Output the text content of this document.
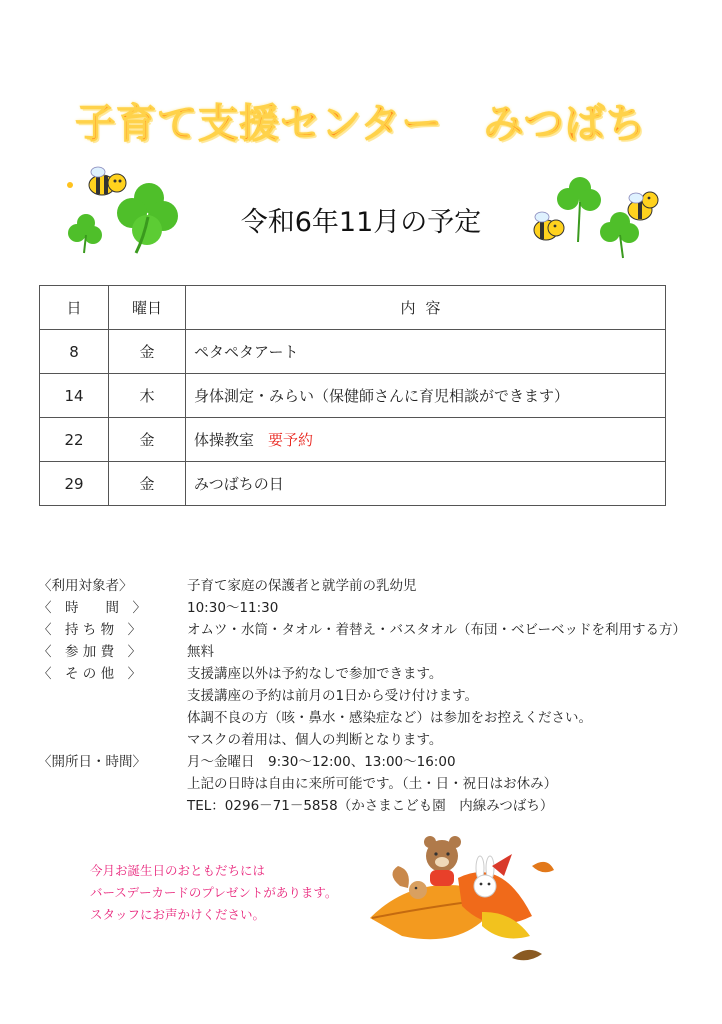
子育て支援センター　みつばち
令和6年11月の予定
日	曜日	内容
8	金	ペタペタアート
14	木	身体測定・みらい（保健師さんに育児相談ができます）
22	金	体操教室 要予約
29	金	みつばちの日
〈利用対象者〉	子育て家庭の保護者と就学前の乳幼児
〈　時　　間　〉	10:30～11:30
〈　持 ち 物　〉	オムツ・水筒・タオル・着替え・バスタオル（布団・ベビーベッドを利用する方）
〈　参 加 費　〉	無料
〈　そ の 他　〉	支援講座以外は予約なしで参加できます。
支援講座の予約は前月の1日から受け付けます。
体調不良の方（咳・鼻水・感染症など）は参加をお控えください。
マスクの着用は、個人の判断となります。
〈開所日・時間〉	月～金曜日　9:30～12:00、13:00～16:00
上記の日時は自由に来所可能です。（土・日・祝日はお休み）
TEL：0296－71－5858（かさまこども園　内線みつばち）
今月お誕生日のおともだちには
バースデーカードのプレゼントがあります。
スタッフにお声かけください。
